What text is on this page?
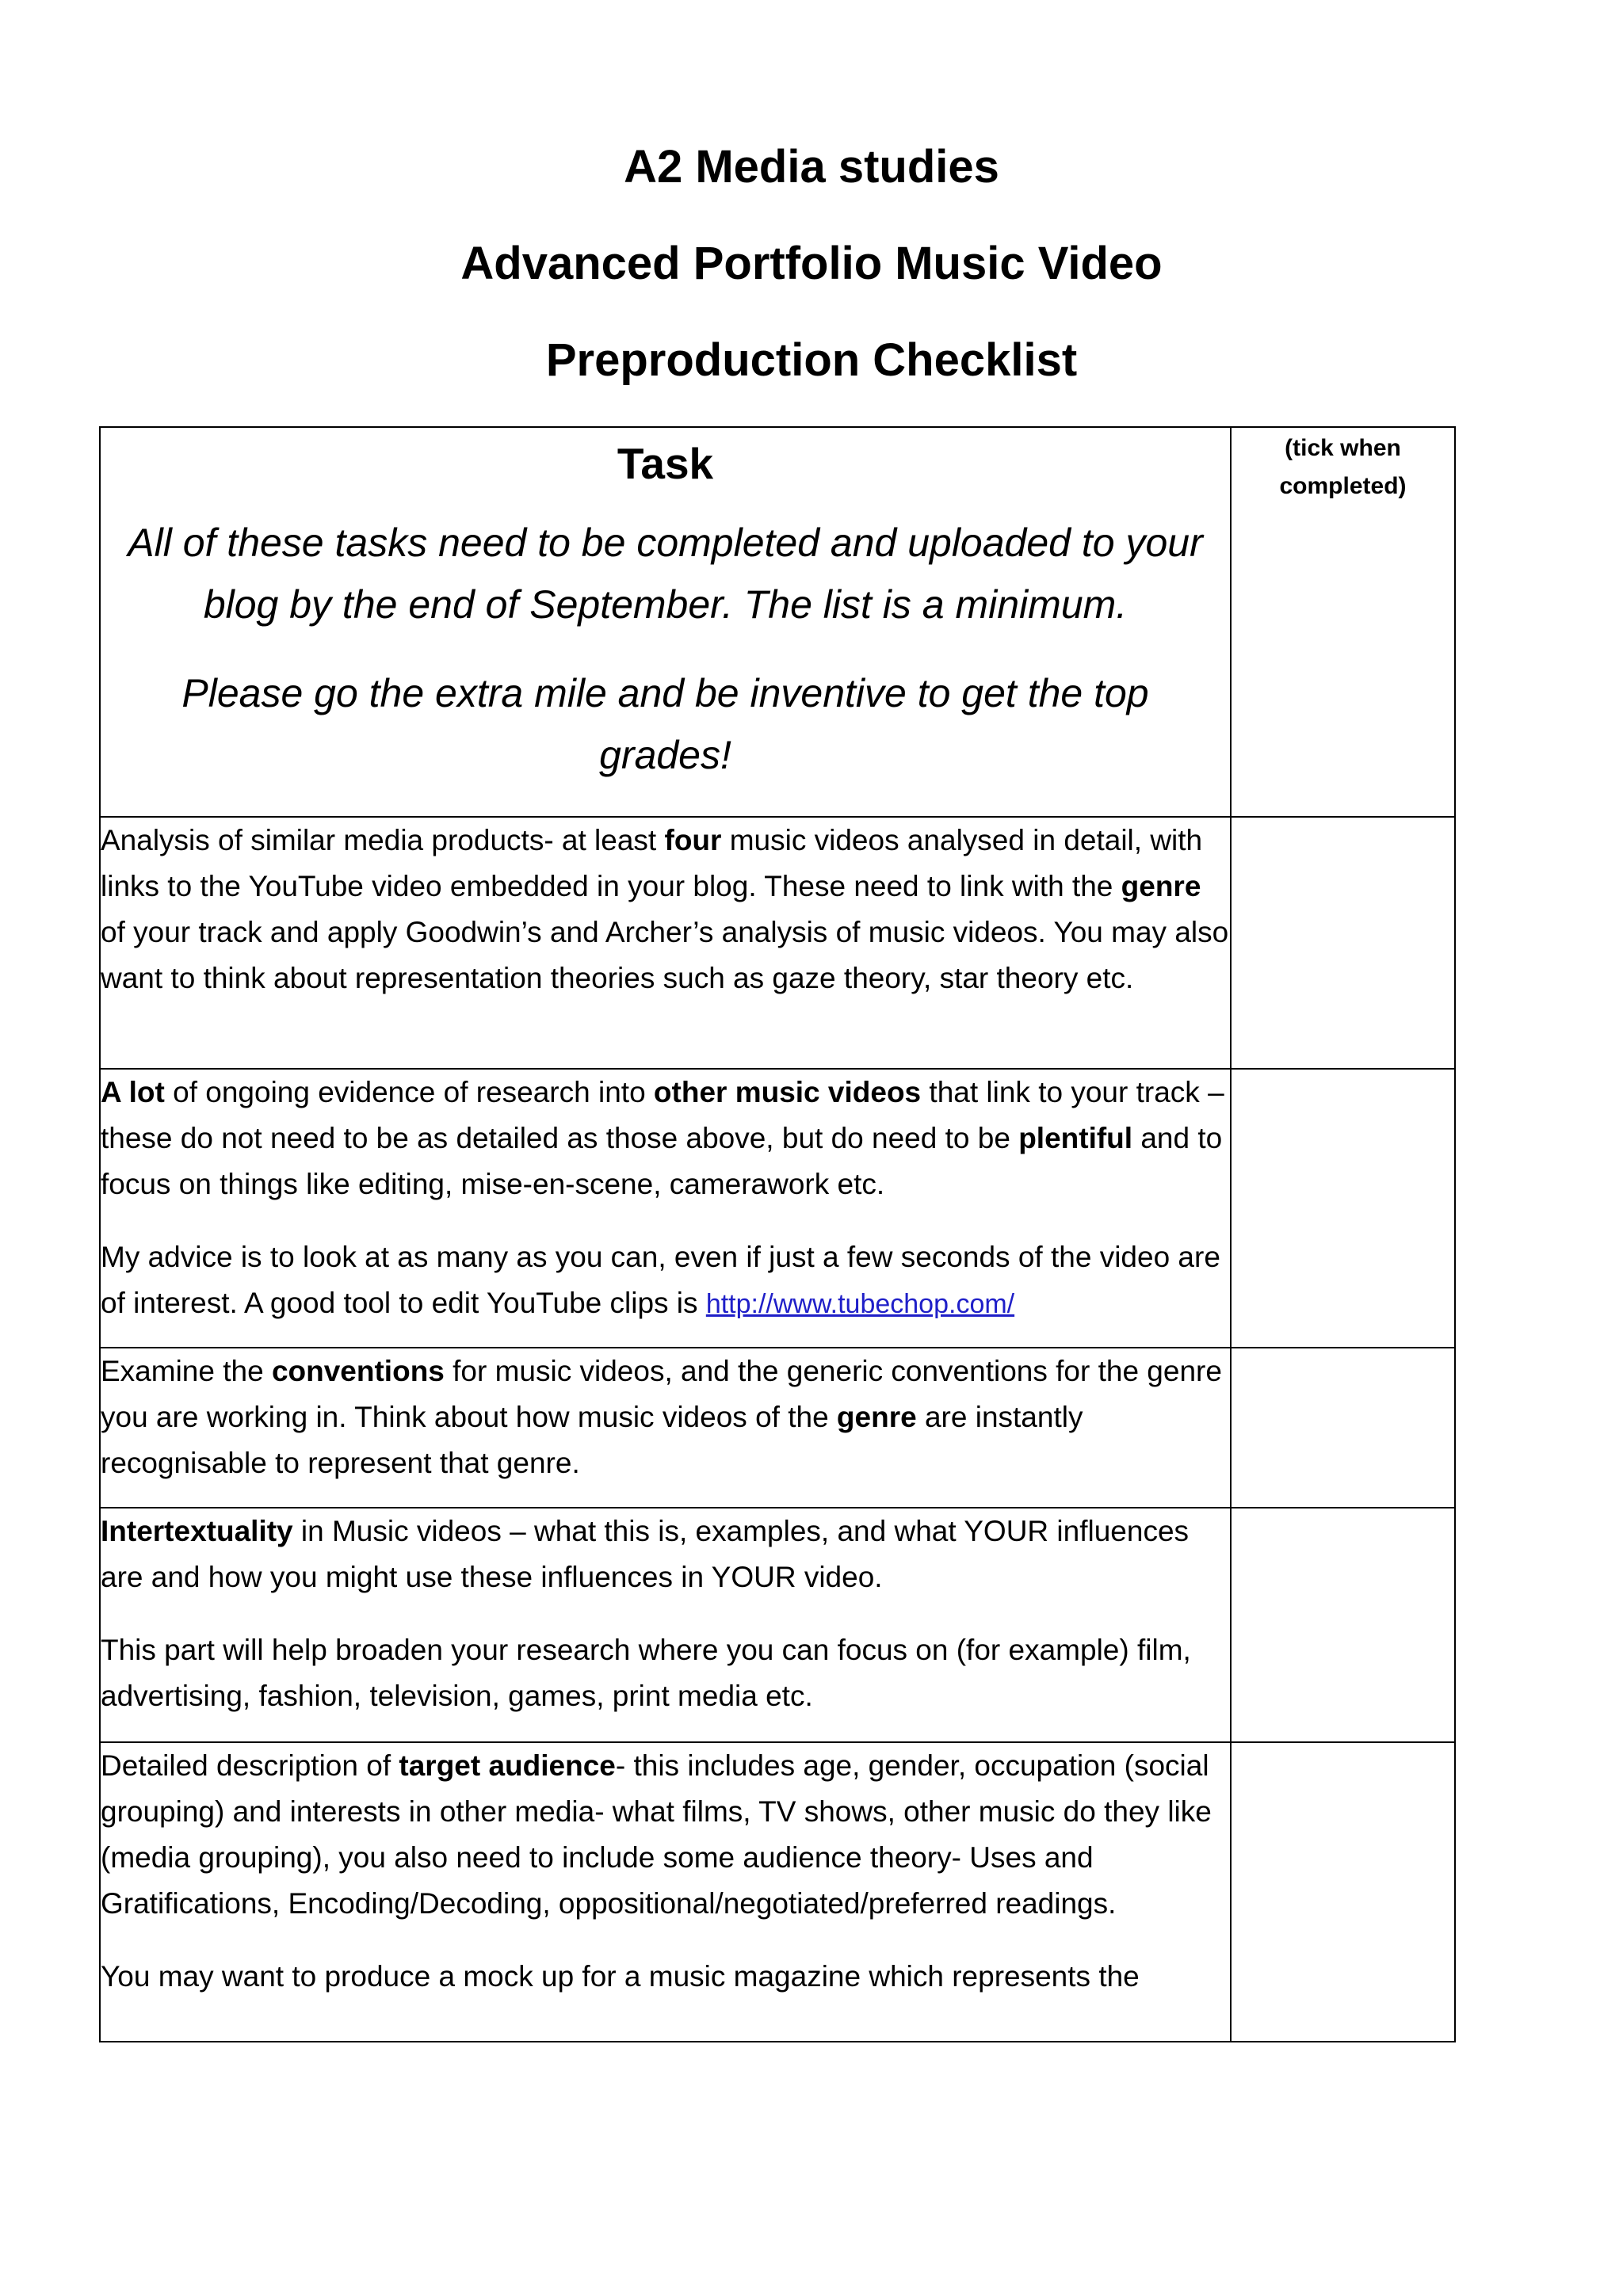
A2 Media studies
Advanced Portfolio Music Video
Preproduction Checklist
Task
All of these tasks need to be completed and uploaded to your blog by the end of September. The list is a minimum.
Please go the extra mile and be inventive to get the top grades!	(tick when completed)

Analysis of similar media products- at least four music videos analysed in detail, with links to the YouTube video embedded in your blog. These need to link with the genre of your track and apply Goodwin’s and Archer’s analysis of music videos. You may also want to think about representation theories such as gaze theory, star theory etc.	

A lot of ongoing evidence of research into other music videos that link to your track – these do not need to be as detailed as those above, but do need to be plentiful and to focus on things like editing, mise-en-scene, camerawork etc.

My advice is to look at as many as you can, even if just a few seconds of the video are of interest. A good tool to edit YouTube clips is http://www.tubechop.com/	

Examine the conventions for music videos, and the generic conventions for the genre you are working in. Think about how music videos of the genre are instantly recognisable to represent that genre.	

Intertextuality in Music videos – what this is, examples, and what YOUR influences are and how you might use these influences in YOUR video.

This part will help broaden your research where you can focus on (for example) film, advertising, fashion, television, games, print media etc.	

Detailed description of target audience- this includes age, gender, occupation (social grouping) and interests in other media- what films, TV shows, other music do they like (media grouping), you also need to include some audience theory- Uses and Gratifications, Encoding/Decoding, oppositional/negotiated/preferred readings.

You may want to produce a mock up for a music magazine which represents the	
